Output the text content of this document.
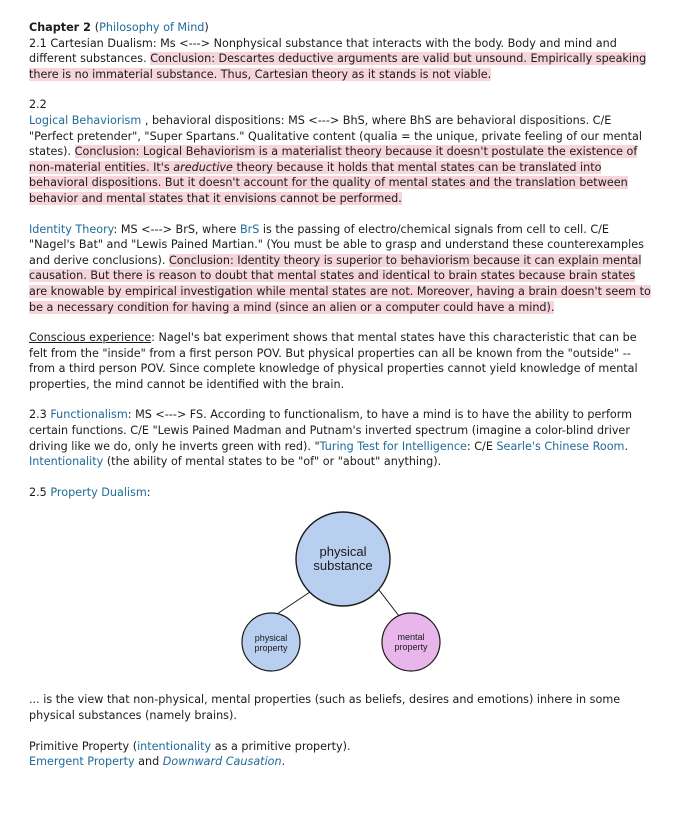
Chapter 2 (Philosophy of Mind)
2.1 Cartesian Dualism: Ms <---> Nonphysical substance that interacts with the body. Body and mind and different substances. Conclusion: Descartes deductive arguments are valid but unsound. Empirically speaking there is no immaterial substance. Thus, Cartesian theory as it stands is not viable.

2.2
Logical Behaviorism , behavioral dispositions: MS <---> BhS, where BhS are behavioral dispositions. C/E "Perfect pretender", "Super Spartans." Qualitative content (qualia = the unique, private feeling of our mental states). Conclusion: Logical Behaviorism is a materialist theory because it doesn't postulate the existence of non-material entities. It's areductive theory because it holds that mental states can be translated into behavioral dispositions. But it doesn't account for the quality of mental states and the translation between behavior and mental states that it envisions cannot be performed.

Identity Theory: MS <---> BrS, where BrS is the passing of electro/chemical signals from cell to cell. C/E "Nagel's Bat" and "Lewis Pained Martian." (You must be able to grasp and understand these counterexamples and derive conclusions). Conclusion: Identity theory is superior to behaviorism because it can explain mental causation. But there is reason to doubt that mental states and identical to brain states because brain states are knowable by empirical investigation while mental states are not. Moreover, having a brain doesn't seem to be a necessary condition for having a mind (since an alien or a computer could have a mind).

Conscious experience: Nagel's bat experiment shows that mental states have this characteristic that can be felt from the "inside" from a first person POV. But physical properties can all be known from the "outside" --from a third person POV. Since complete knowledge of physical properties cannot yield knowledge of mental properties, the mind cannot be identified with the brain.

2.3 Functionalism: MS <---> FS. According to functionalism, to have a mind is to have the ability to perform certain functions. C/E "Lewis Pained Madman and Putnam's inverted spectrum (imagine a color-blind driver driving like we do, only he inverts green with red). "Turing Test for Intelligence: C/E Searle's Chinese Room. Intentionality (the ability of mental states to be "of" or "about" anything).

2.5 Property Dualism:

physical
substance
physical
property
mental
property

... is the view that non-physical, mental properties (such as beliefs, desires and emotions) inhere in some physical substances (namely brains).

Primitive Property (intentionality as a primitive property).
Emergent Property and Downward Causation.
